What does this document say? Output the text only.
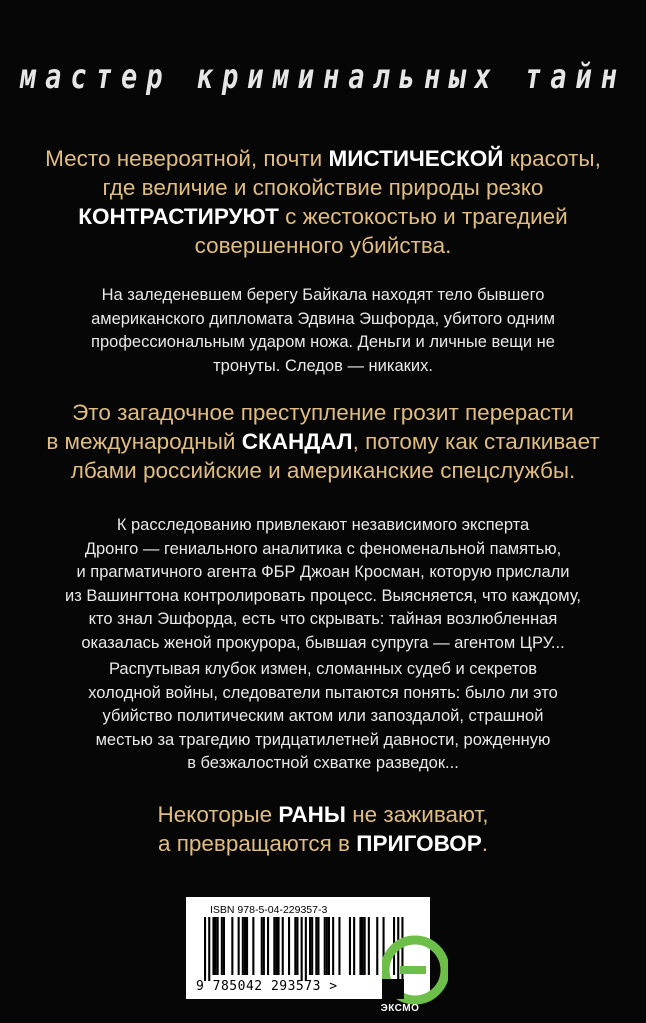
мастер криминальных тайн
Место невероятной, почти МИСТИЧЕСКОЙ красоты,
где величие и спокойствие природы резко
КОНТРАСТИРУЮТ с жестокостью и трагедией
совершенного убийства.
На заледеневшем берегу Байкала находят тело бывшего
американского дипломата Эдвина Эшфорда, убитого одним
профессиональным ударом ножа. Деньги и личные вещи не
тронуты. Следов — никаких.
Это загадочное преступление грозит перерасти
в международный СКАНДАЛ, потому как сталкивает
лбами российские и американские спецслужбы.
К расследованию привлекают независимого эксперта
Дронго — гениального аналитика с феноменальной памятью,
и прагматичного агента ФБР Джоан Кросман, которую прислали
из Вашингтона контролировать процесс. Выясняется, что каждому,
кто знал Эшфорда, есть что скрывать: тайная возлюбленная
оказалась женой прокурора, бывшая супруга — агентом ЦРУ...
Распутывая клубок измен, сломанных судеб и секретов
холодной войны, следователи пытаются понять: было ли это
убийство политическим актом или запоздалой, страшной
местью за трагедию тридцатилетней давности, рожденную
в безжалостной схватке разведок...
Некоторые РАНЫ не заживают,
а превращаются в ПРИГОВОР.
ISBN 978-5-04-229357-3
9 785042 293573 >
ЭКСМО
